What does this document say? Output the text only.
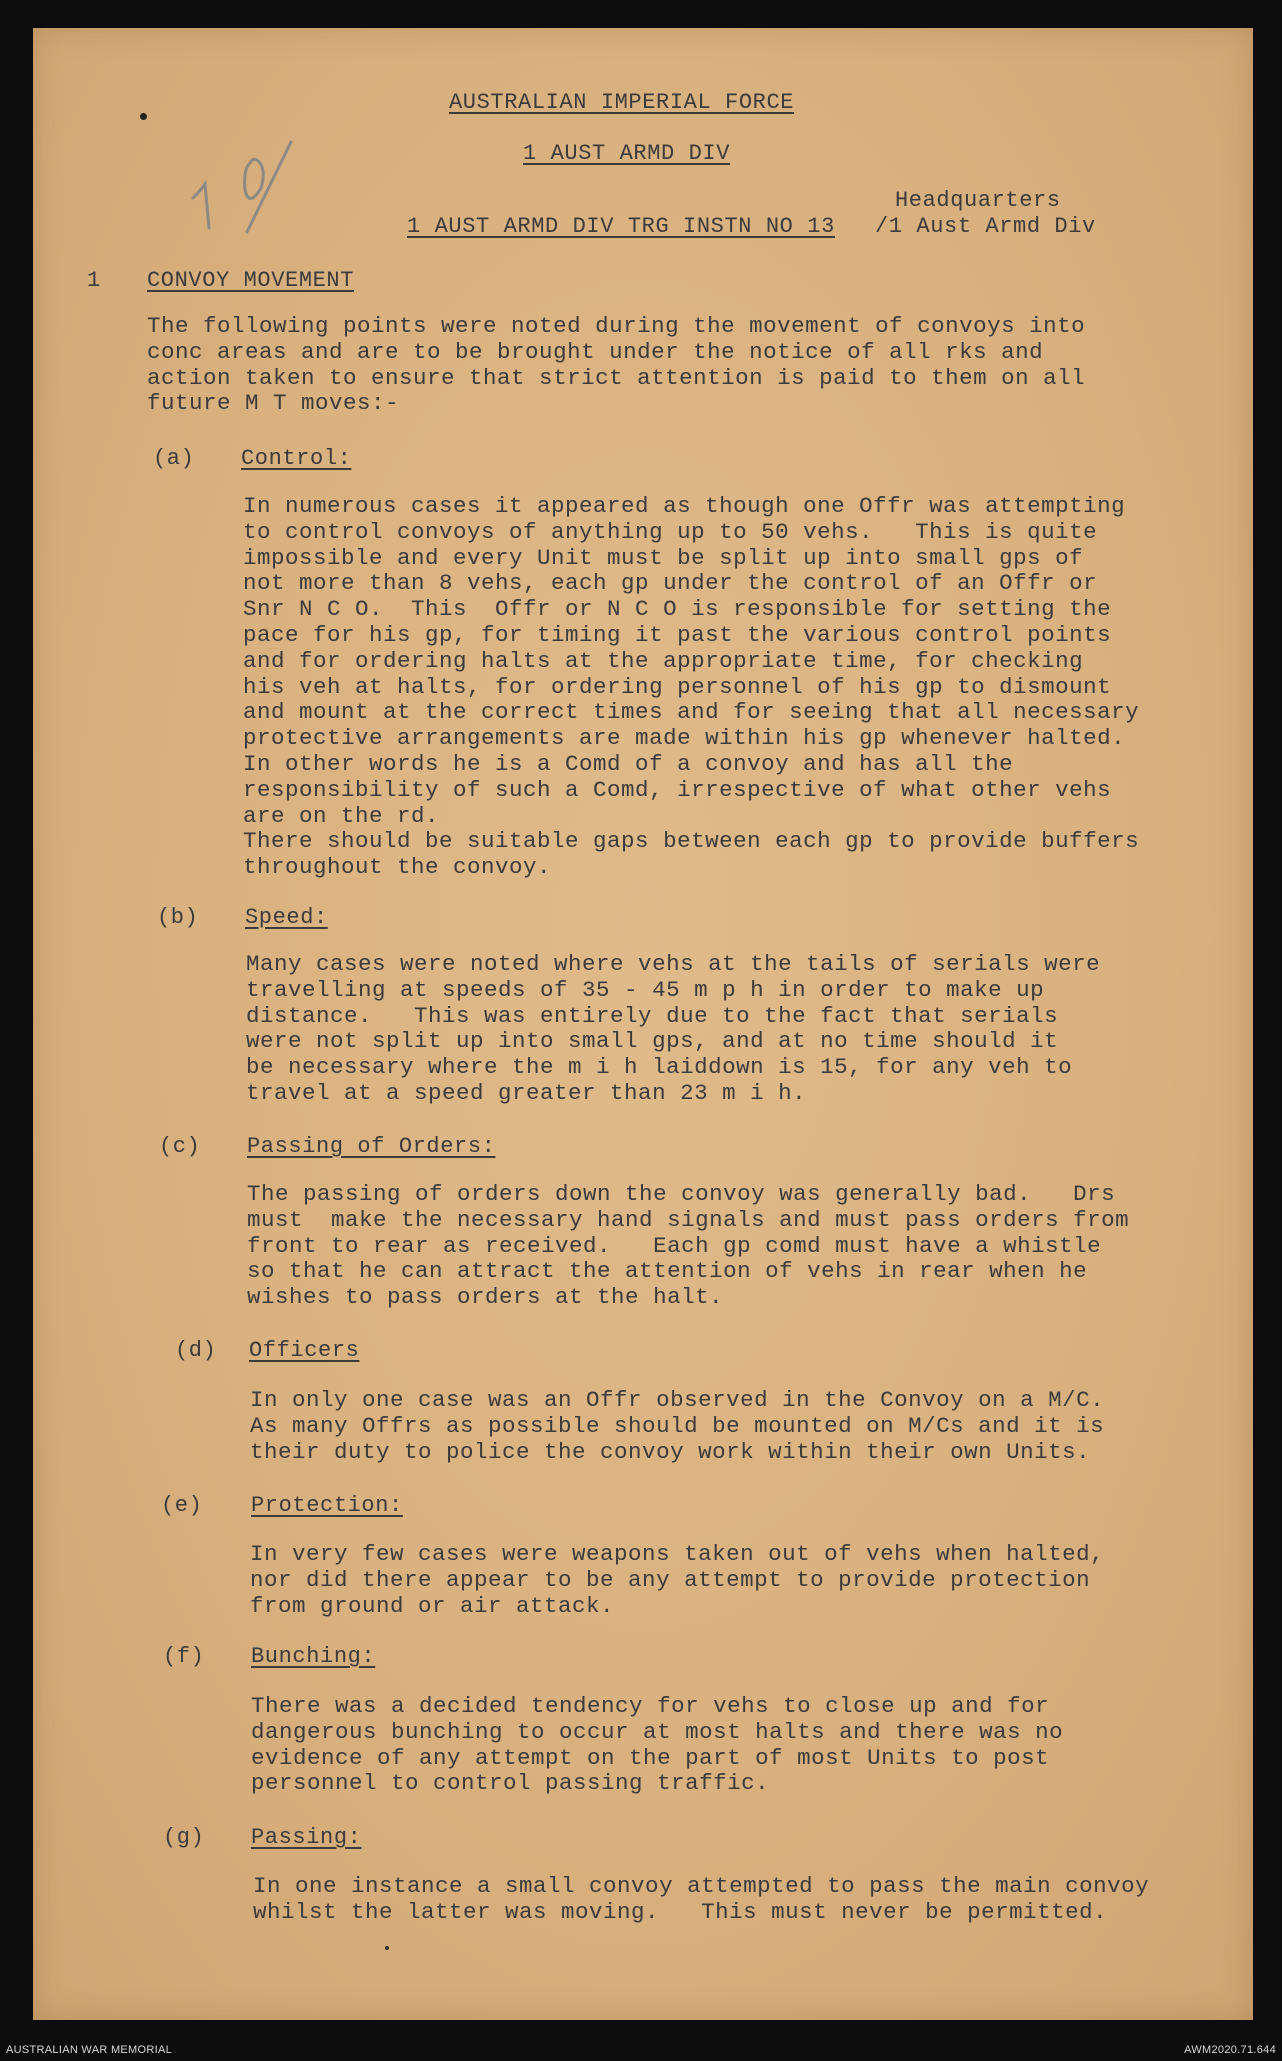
AUSTRALIAN IMPERIAL FORCE
1 AUST ARMD DIV
Headquarters
1 AUST ARMD DIV TRG INSTN NO 13 /1 Aust Armd Div
1 CONVOY MOVEMENT
The following points were noted during the movement of convoys into
conc areas and are to be brought under the notice of all rks and
action taken to ensure that strict attention is paid to them on all
future M T moves:-
(a) Control:
In numerous cases it appeared as though one Offr was attempting
to control convoys of anything up to 50 vehs.   This is quite
impossible and every Unit must be split up into small gps of
not more than 8 vehs, each gp under the control of an Offr or
Snr N C O.  This  Offr or N C O is responsible for setting the
pace for his gp, for timing it past the various control points
and for ordering halts at the appropriate time, for checking
his veh at halts, for ordering personnel of his gp to dismount
and mount at the correct times and for seeing that all necessary
protective arrangements are made within his gp whenever halted.
In other words he is a Comd of a convoy and has all the
responsibility of such a Comd, irrespective of what other vehs
are on the rd.
There should be suitable gaps between each gp to provide buffers
throughout the convoy.
(b) Speed:
Many cases were noted where vehs at the tails of serials were
travelling at speeds of 35 - 45 m p h in order to make up
distance.   This was entirely due to the fact that serials
were not split up into small gps, and at no time should it
be necessary where the m i h laiddown is 15, for any veh to
travel at a speed greater than 23 m i h.
(c) Passing of Orders:
The passing of orders down the convoy was generally bad.   Drs
must  make the necessary hand signals and must pass orders from
front to rear as received.   Each gp comd must have a whistle
so that he can attract the attention of vehs in rear when he
wishes to pass orders at the halt.
(d) Officers
In only one case was an Offr observed in the Convoy on a M/C.
As many Offrs as possible should be mounted on M/Cs and it is
their duty to police the convoy work within their own Units.
(e) Protection:
In very few cases were weapons taken out of vehs when halted,
nor did there appear to be any attempt to provide protection
from ground or air attack.
(f) Bunching:
There was a decided tendency for vehs to close up and for
dangerous bunching to occur at most halts and there was no
evidence of any attempt on the part of most Units to post
personnel to control passing traffic.
(g) Passing:
In one instance a small convoy attempted to pass the main convoy
whilst the latter was moving.   This must never be permitted.
AUSTRALIAN WAR MEMORIAL	AWM2020.71.644
